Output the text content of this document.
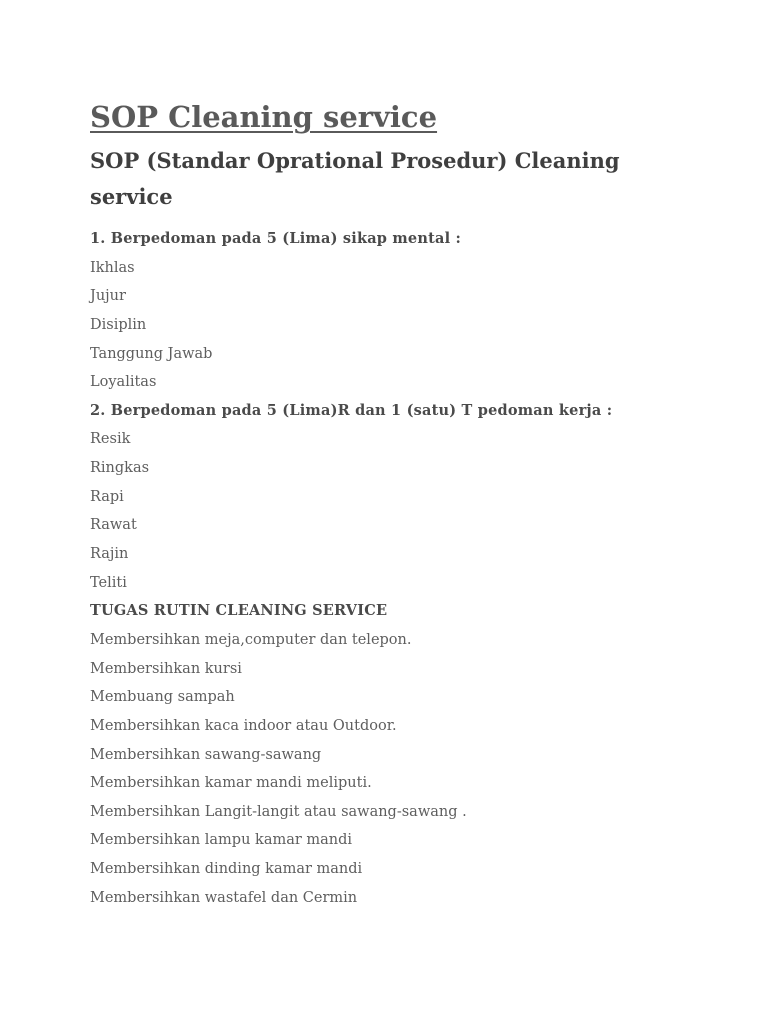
SOP Cleaning service
SOP (Standar Oprational Prosedur) Cleaning service
1. Berpedoman pada 5 (Lima) sikap mental :
Ikhlas
Jujur
Disiplin
Tanggung Jawab
Loyalitas
2. Berpedoman pada 5 (Lima)R dan 1 (satu) T pedoman kerja :
Resik
Ringkas
Rapi
Rawat
Rajin
Teliti
TUGAS RUTIN CLEANING SERVICE
Membersihkan meja,computer dan telepon.
Membersihkan kursi
Membuang sampah
Membersihkan kaca indoor atau Outdoor.
Membersihkan sawang-sawang
Membersihkan kamar mandi meliputi.
Membersihkan Langit-langit atau sawang-sawang .
Membersihkan lampu kamar mandi
Membersihkan dinding kamar mandi
Membersihkan wastafel dan Cermin
